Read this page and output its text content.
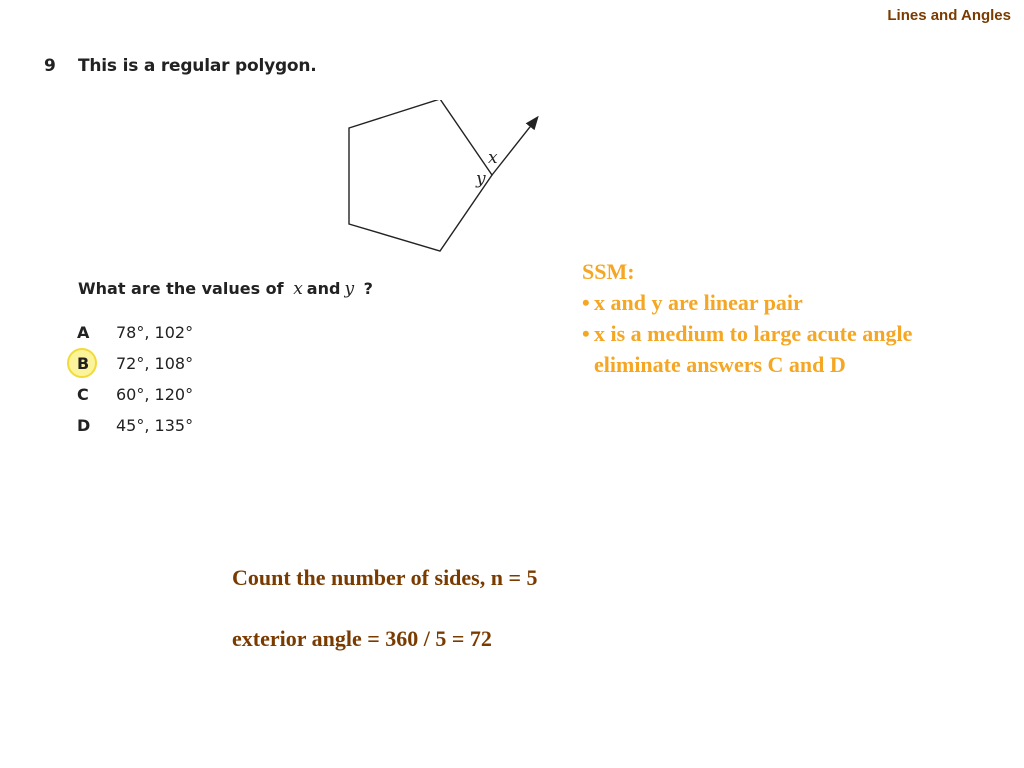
Lines and Angles
9 This is a regular polygon.
x
y
What are the values of x and y ?
A 78°, 102°
B 72°, 108°
C 60°, 120°
D 45°, 135°
SSM:
• x and y are linear pair
• x is a medium to large acute angle
eliminate answers C and D
Count the number of sides, n = 5
exterior angle = 360 / 5 = 72
